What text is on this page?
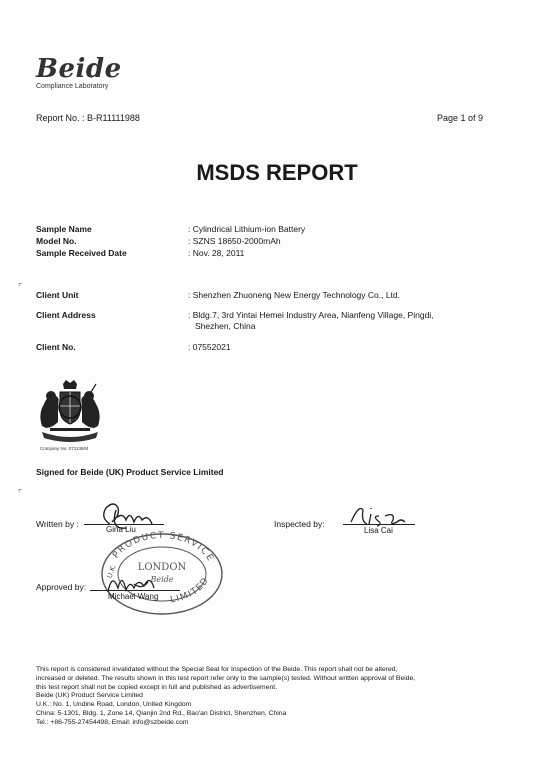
Beide
Compliance Laboratory
Report No. : B-R11111988	Page 1 of 9
MSDS REPORT
Sample Name	: Cylindrical Lithium-ion Battery
Model No.	: SZNS 18650-2000mAh
Sample Received Date	: Nov. 28, 2011
Client Unit	: Shenzhen Zhuoneng New Energy Technology Co., Ltd.
Client Address	: Bldg.7, 3rd Yintai Hemei Industry Area, Nianfeng Village, Pingdi,
Shezhen, China
Client No.	: 07552021
⌜
⌜
Company No. 07113604
Signed for Beide (UK) Product Service Limited
Written by :
Gina Liu
Inspected by:
Lisa Cai
PRODUCT SERVICE
LIMITED
U.K. LONDON
Beide
Approved by:
Michael Wang
This report is considered invalidated without the Special Seal for Inspection of the Beide. This report shall not be altered,
increased or deleted. The results shown in this test report refer only to the sample(s) tested. Without written approval of Beide,
this test report shall not be copied except in full and published as advertisement.
Beide (UK) Product Service Limited
U.K.: No. 1, Undine Road, London, United Kingdom
China: 5-1301, Bldg. 1, Zone 14, Qianjin 2nd Rd., Bao'an District, Shenzhen, China
Tel.: +86-755-27454498, Email: info@szbeide.com
